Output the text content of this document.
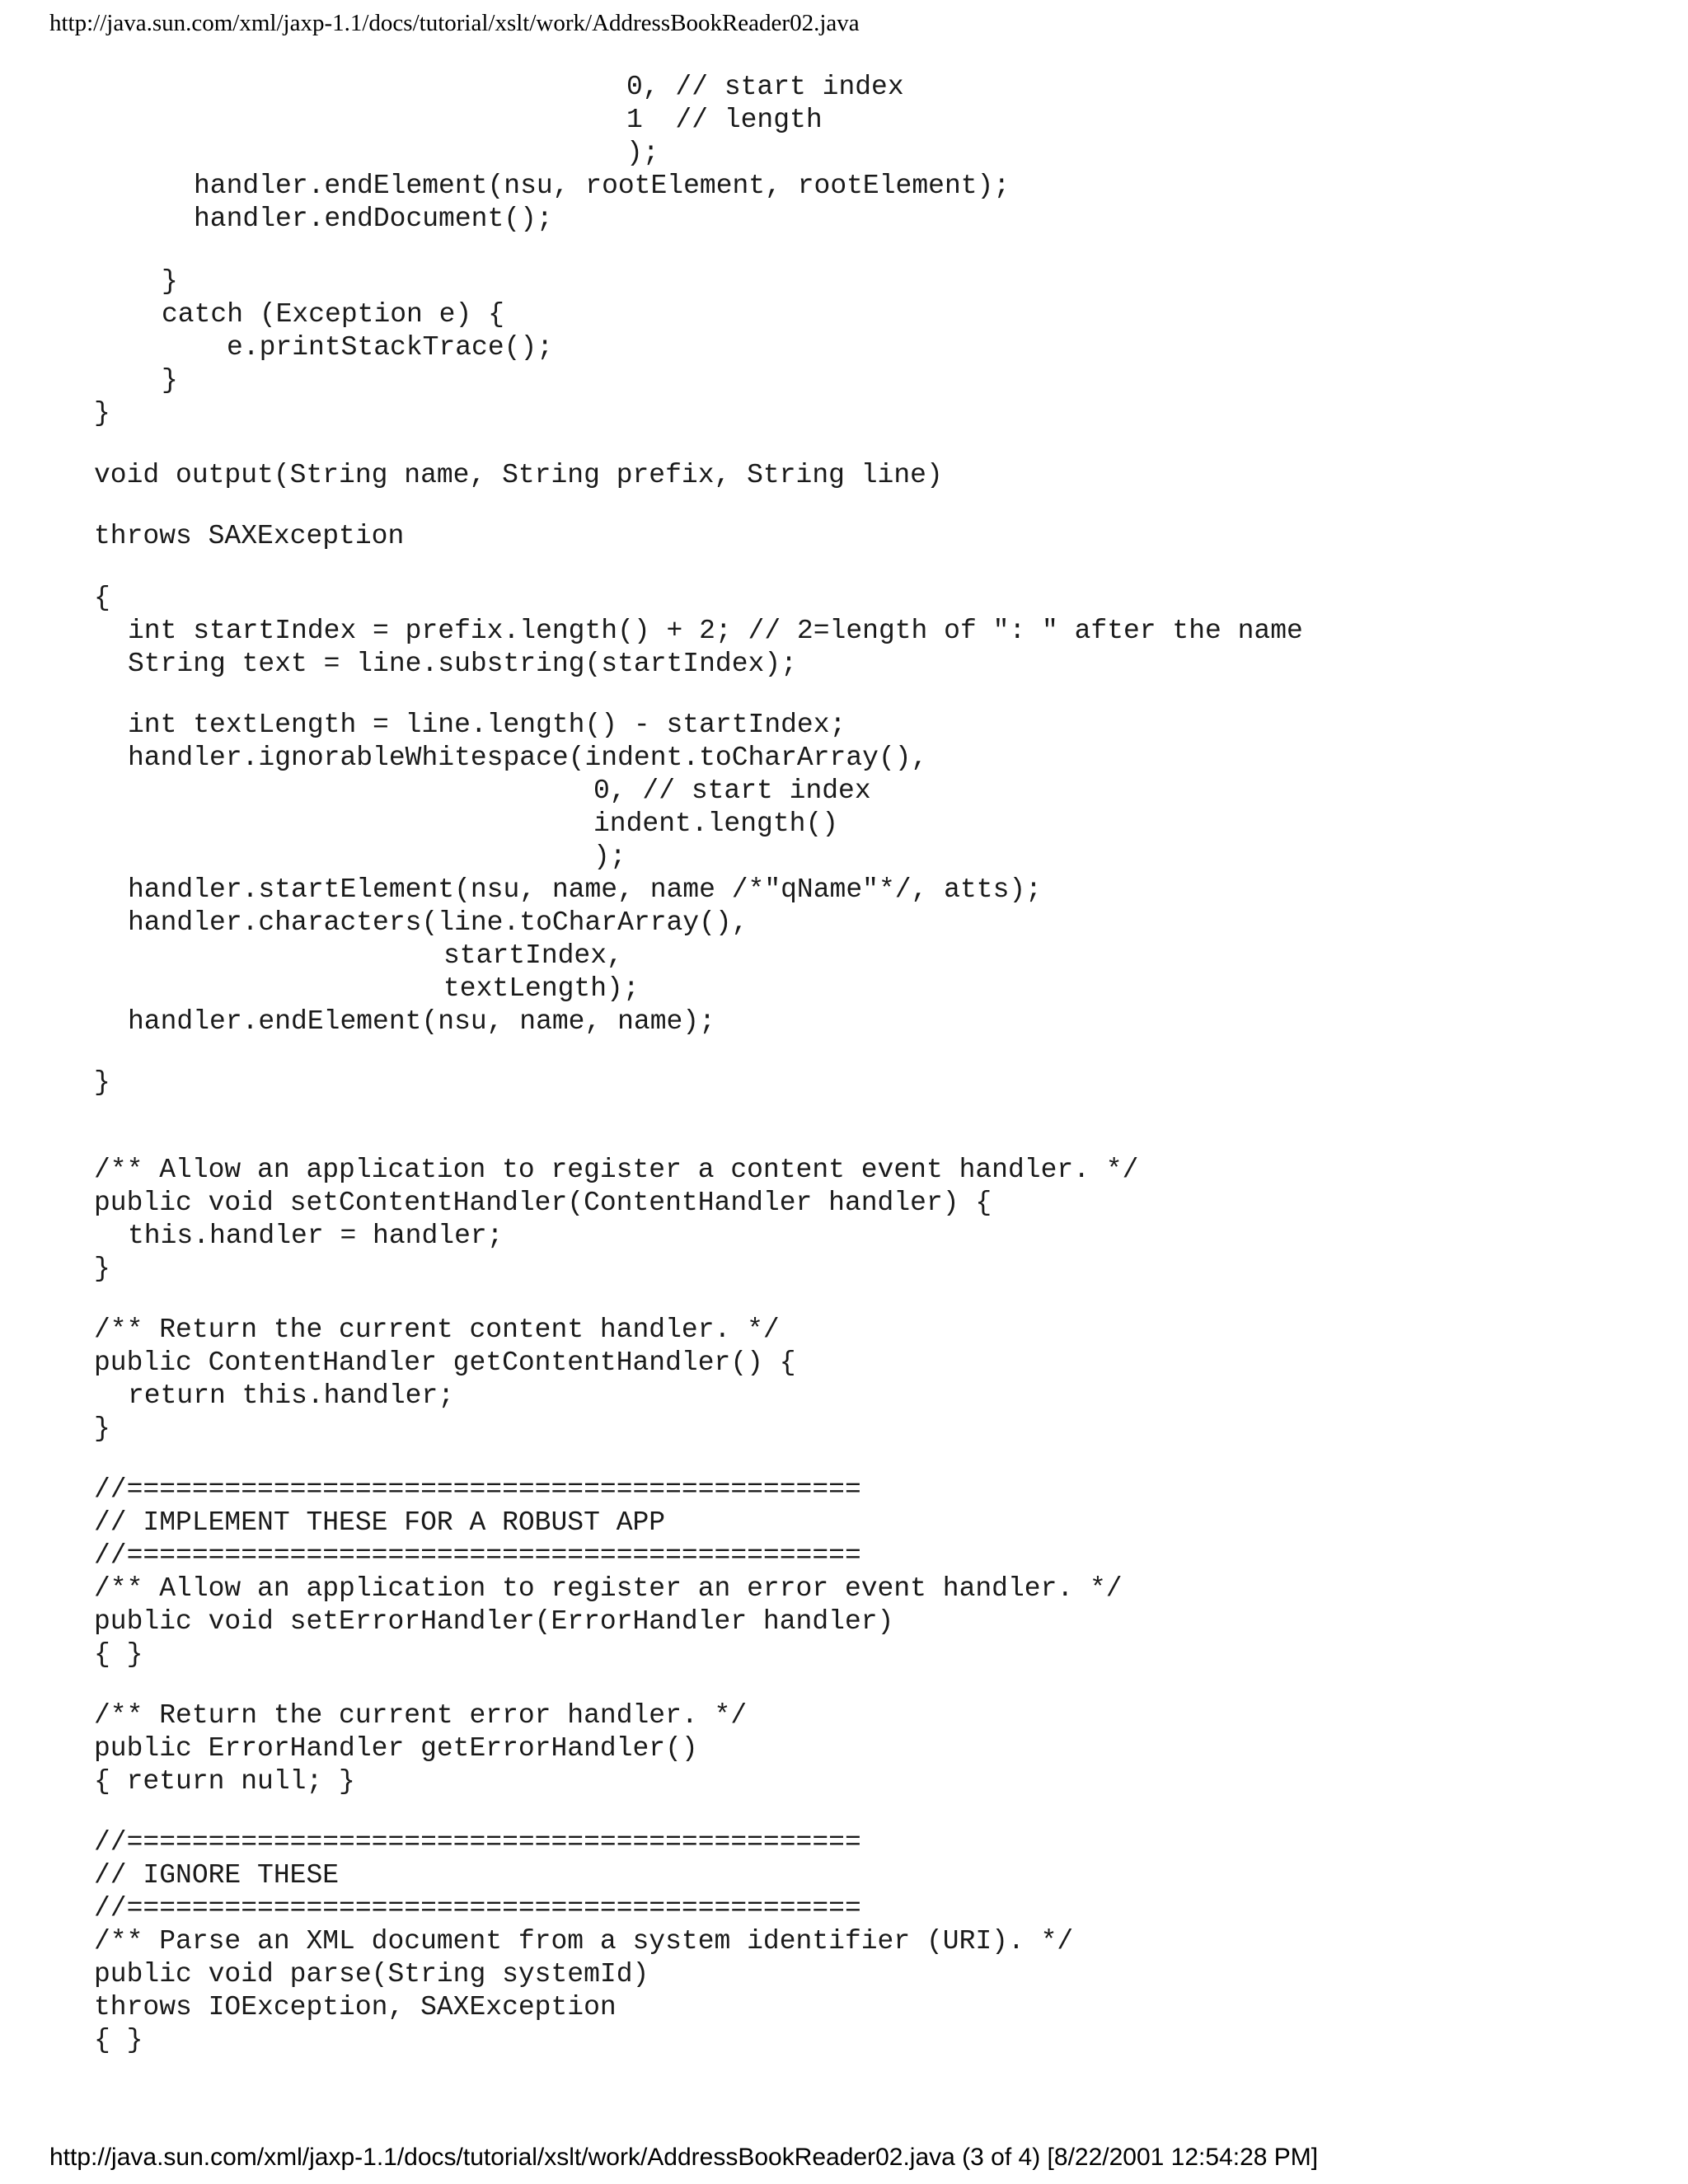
http://java.sun.com/xml/jaxp-1.1/docs/tutorial/xslt/work/AddressBookReader02.java

0, // start index

1  // length

);

handler.endElement(nsu, rootElement, rootElement);

handler.endDocument();

}

catch (Exception e) {

e.printStackTrace();

}

}

void output(String name, String prefix, String line)

throws SAXException

{

int startIndex = prefix.length() + 2; // 2=length of ": " after the name

String text = line.substring(startIndex);

int textLength = line.length() - startIndex;

handler.ignorableWhitespace(indent.toCharArray(),

0, // start index

indent.length()

);

handler.startElement(nsu, name, name /*"qName"*/, atts);

handler.characters(line.toCharArray(),

startIndex,

textLength);

handler.endElement(nsu, name, name);

}

/** Allow an application to register a content event handler. */

public void setContentHandler(ContentHandler handler) {

this.handler = handler;

}

/** Return the current content handler. */

public ContentHandler getContentHandler() {

return this.handler;

}

//=============================================

// IMPLEMENT THESE FOR A ROBUST APP

//=============================================

/** Allow an application to register an error event handler. */

public void setErrorHandler(ErrorHandler handler)

{ }

/** Return the current error handler. */

public ErrorHandler getErrorHandler()

{ return null; }

//=============================================

// IGNORE THESE

//=============================================

/** Parse an XML document from a system identifier (URI). */

public void parse(String systemId)

throws IOException, SAXException

{ }

http://java.sun.com/xml/jaxp-1.1/docs/tutorial/xslt/work/AddressBookReader02.java (3 of 4) [8/22/2001 12:54:28 PM]
